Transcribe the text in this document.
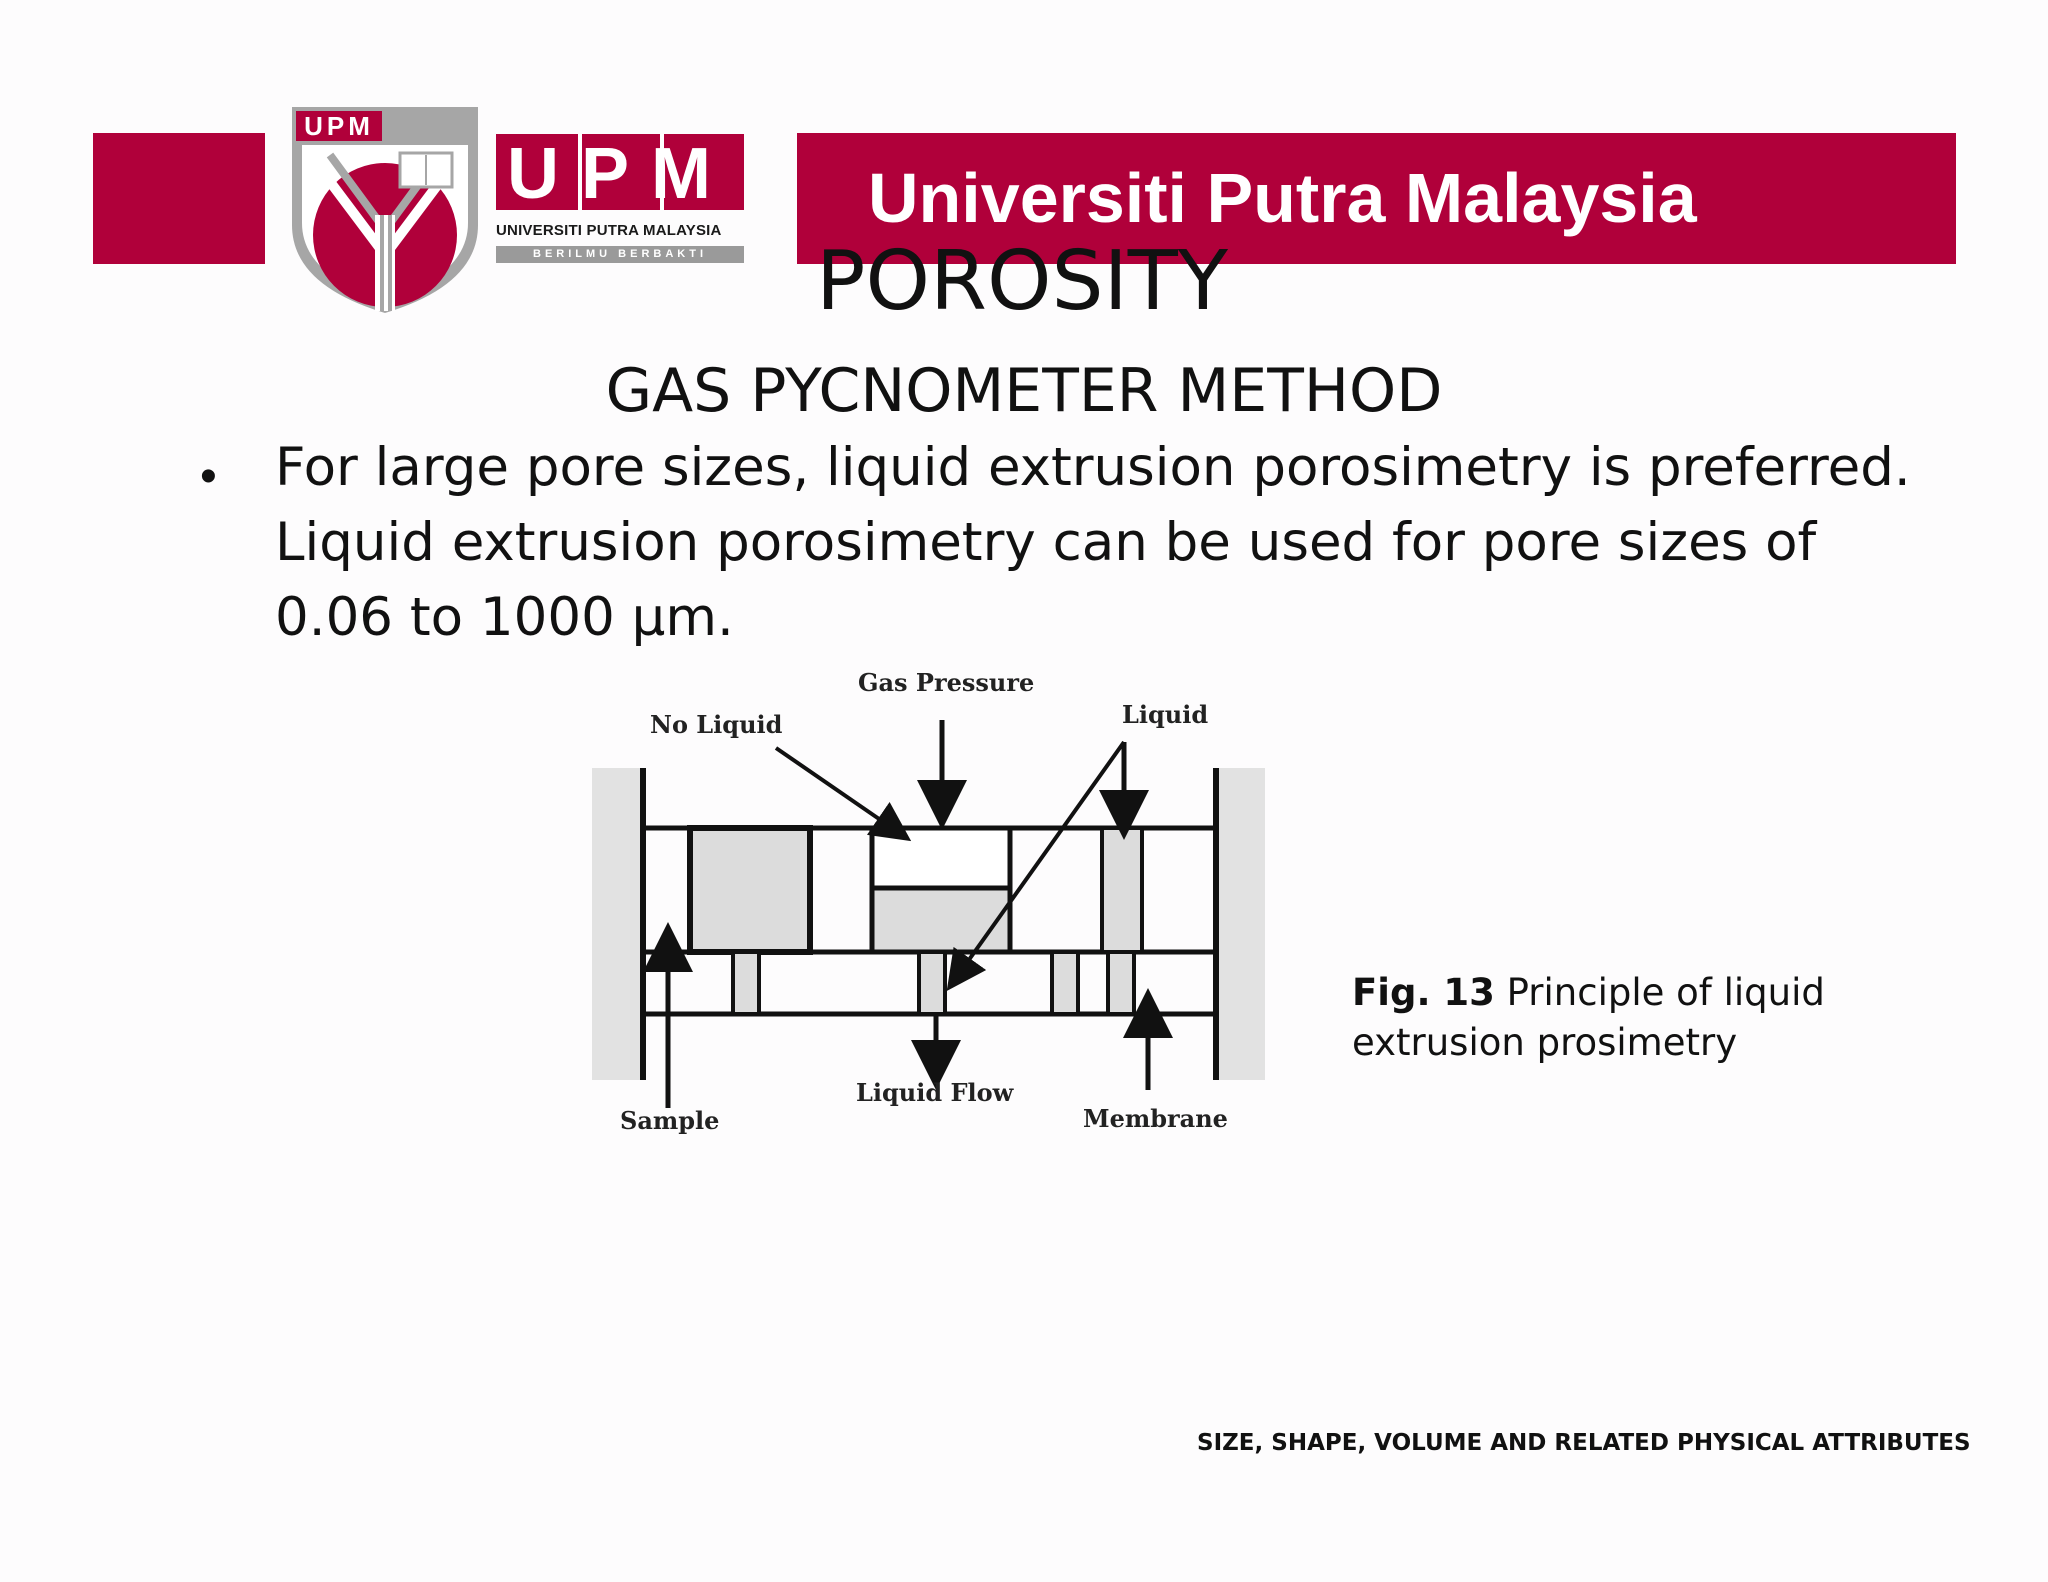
Universiti Putra Malaysia
UPM
UPM
UNIVERSITI PUTRA MALAYSIA
BERILMU BERBAKTI	POROSITY
GAS PYCNOMETER METHOD
• For large pore sizes, liquid extrusion porosimetry is preferred.
Liquid extrusion porosimetry can be used for pore sizes of
0.06 to 1000 μm.
Gas Pressure
No Liquid	Liquid
Liquid Flow
Sample	Membrane
Fig. 13 Principle of liquid extrusion prosimetry
SIZE, SHAPE, VOLUME AND RELATED PHYSICAL ATTRIBUTES
